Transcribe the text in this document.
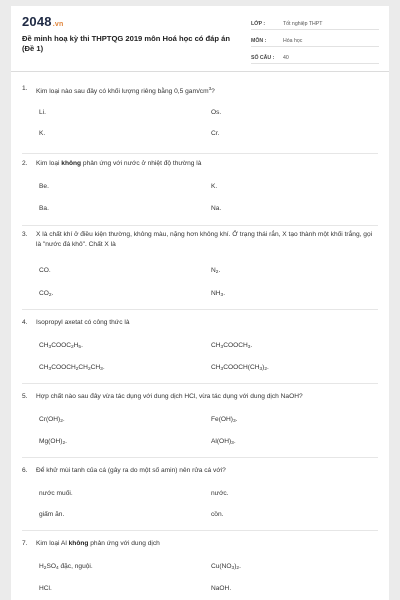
2048.vn
Đề minh hoạ kỳ thi THPTQG 2019 môn Hoá học có đáp án (Đề 1)
LỚP :	Tốt nghiệp THPT
MÔN :	Hóa học
SỐ CÂU :	40
1.	Kim loại nào sau đây có khối lượng riêng bằng 0,5 gam/$cm^3$?
Li.	Os.
K.	Cr.
2.	Kim loại không phản ứng với nước ở nhiệt độ thường là
Be.	K.
Ba.	Na.
3.	X là chất khí ở điều kiện thường, không màu, nặng hơn không khí. Ở trạng thái rắn, X tạo thành một khối trắng, gọi là "nước đá khô". Chất X là
CO.	$N_2$.
$CO_2$.	$NH_3$.
4.	Isopropyl axetat có công thức là
$CH_3COOC_2H_5$.	$CH_3COOCH_3$.
$CH_3COOCH_2CH_2CH_3$.	$CH_3COOCH(CH_3)_2$.
5.	Hợp chất nào sau đây vừa tác dụng với dung dịch HCl, vừa tác dụng với dung dịch NaOH?
$Cr(OH)_2$.	$Fe(OH)_3$.
$Mg(OH)_2$.	$Al(OH)_3$.
6.	Để khử mùi tanh của cá (gây ra do một số amin) nên rửa cá với?
nước muối.	nước.
giấm ăn.	cồn.
7.	Kim loại Al không phản ứng với dung dịch
$H_2SO_4$ đặc, nguội.	$Cu(NO_3)_2$.
HCl.	NaOH.
